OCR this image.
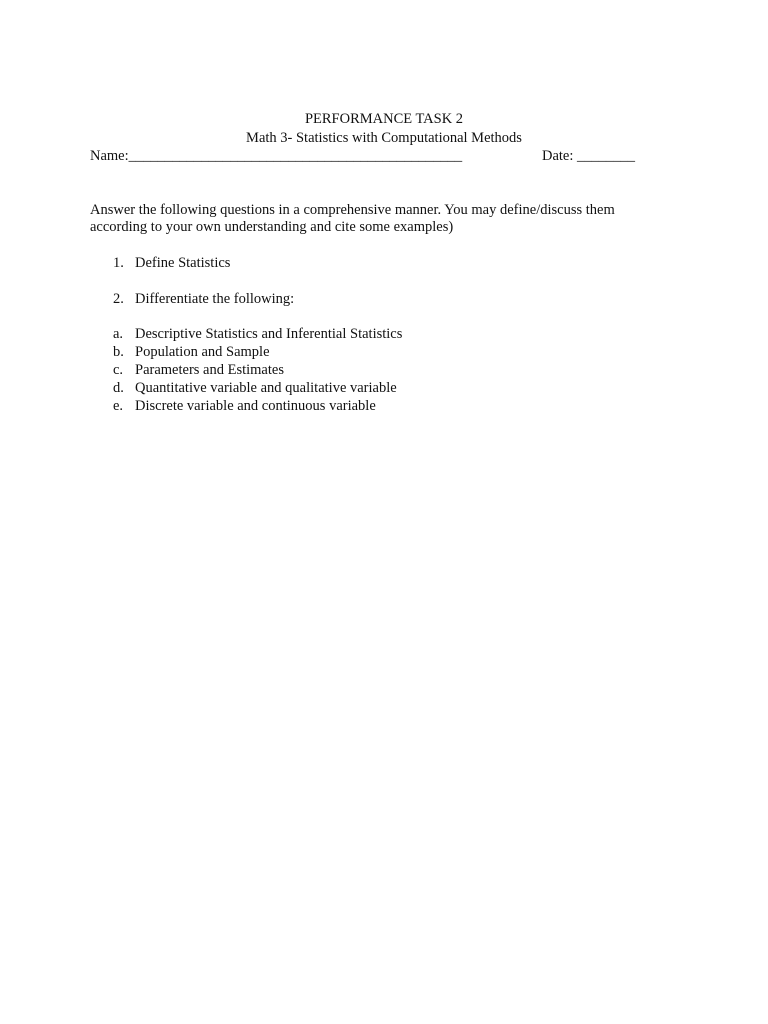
PERFORMANCE TASK 2
Math 3- Statistics with Computational Methods
Name:______________________________________________	Date: ________
Answer the following questions in a comprehensive manner. You may define/discuss them
according to your own understanding and cite some examples)
1. Define Statistics
2. Differentiate the following:
a. Descriptive Statistics and Inferential Statistics
b. Population and Sample
c. Parameters and Estimates
d. Quantitative variable and qualitative variable
e. Discrete variable and continuous variable
